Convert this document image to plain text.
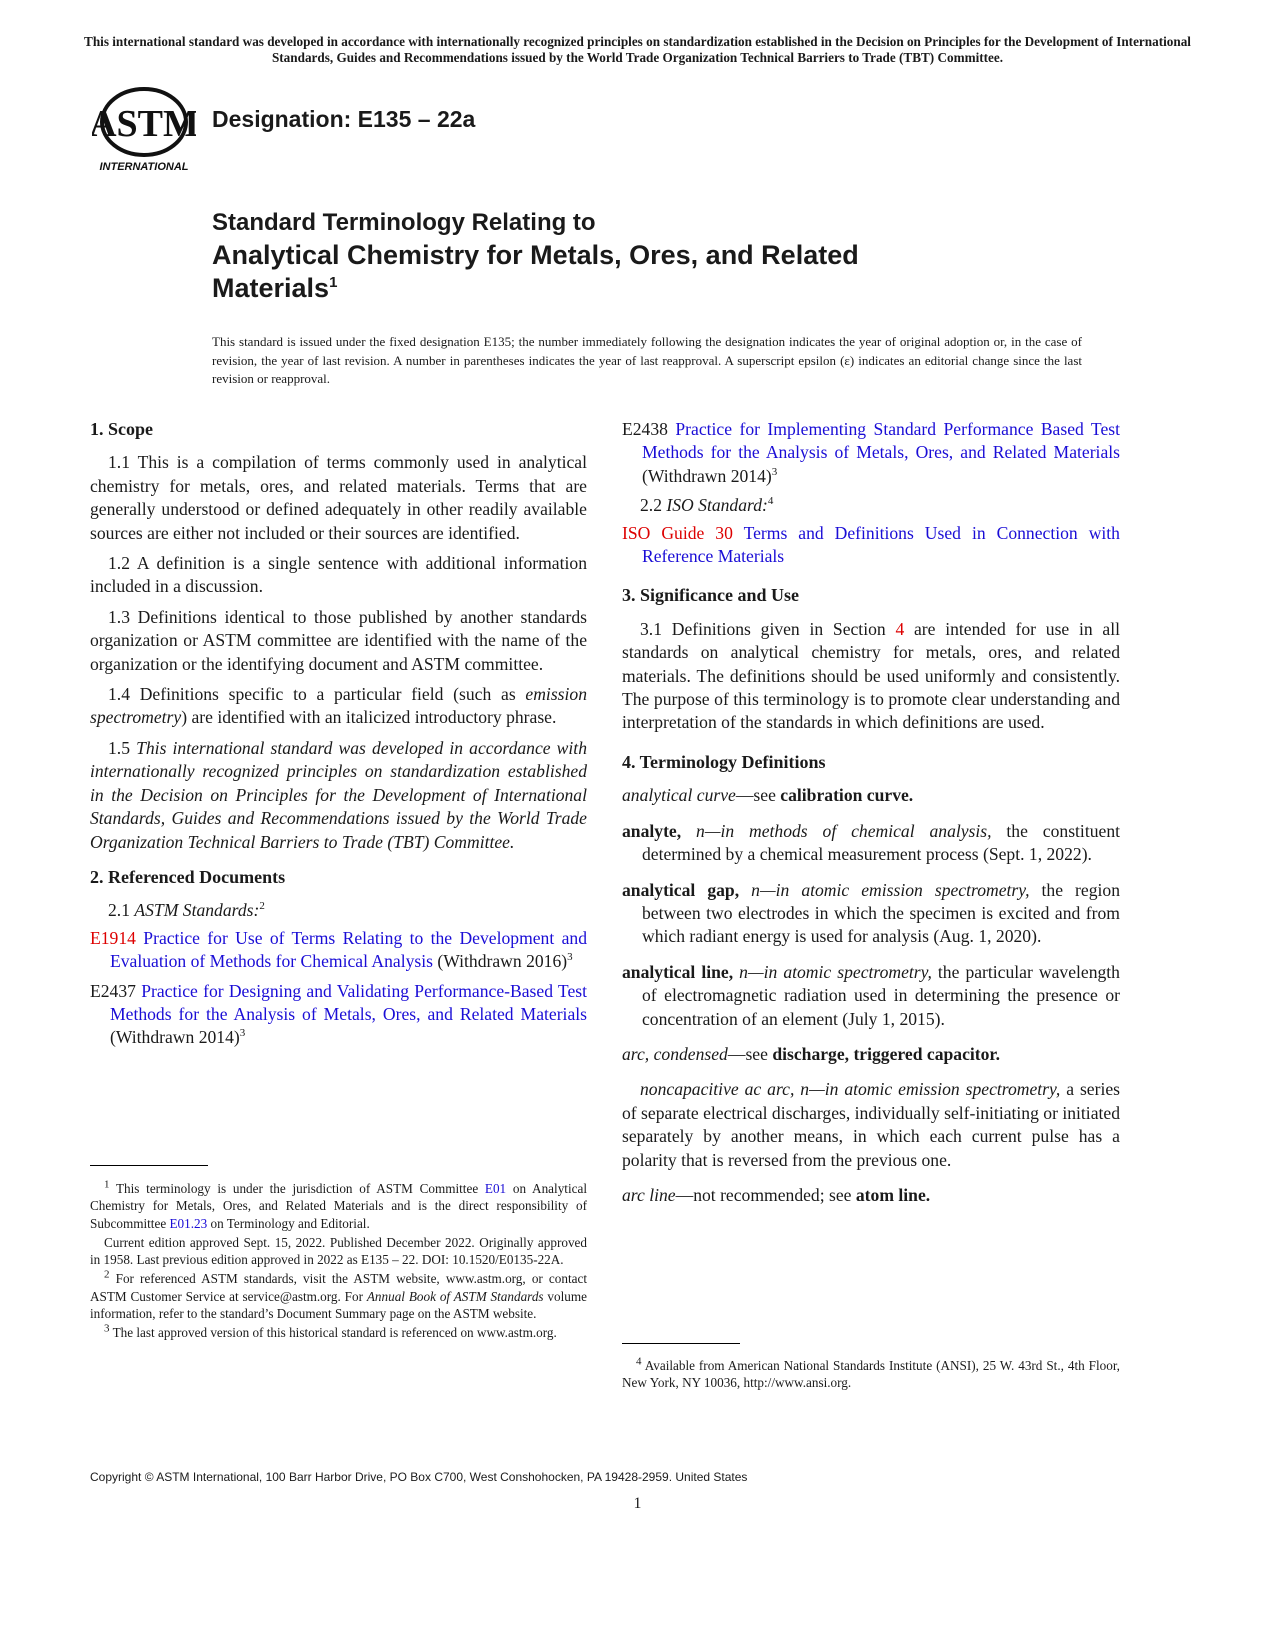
This international standard was developed in accordance with internationally recognized principles on standardization established in the Decision on Principles for the Development of International Standards, Guides and Recommendations issued by the World Trade Organization Technical Barriers to Trade (TBT) Committee.
ASTM
INTERNATIONAL
Designation: E135 – 22a
Standard Terminology Relating to
Analytical Chemistry for Metals, Ores, and Related Materials$^1$
This standard is issued under the fixed designation E135; the number immediately following the designation indicates the year of original adoption or, in the case of revision, the year of last revision. A number in parentheses indicates the year of last reapproval. A superscript epsilon (ε) indicates an editorial change since the last revision or reapproval.
1. Scope

1.1 This is a compilation of terms commonly used in analytical chemistry for metals, ores, and related materials. Terms that are generally understood or defined adequately in other readily available sources are either not included or their sources are identified.

1.2 A definition is a single sentence with additional information included in a discussion.

1.3 Definitions identical to those published by another standards organization or ASTM committee are identified with the name of the organization or the identifying document and ASTM committee.

1.4 Definitions specific to a particular field (such as emission spectrometry) are identified with an italicized introductory phrase.

1.5 This international standard was developed in accordance with internationally recognized principles on standardization established in the Decision on Principles for the Development of International Standards, Guides and Recommendations issued by the World Trade Organization Technical Barriers to Trade (TBT) Committee.

2. Referenced Documents
2.1 ASTM Standards:$^2$
E1914 Practice for Use of Terms Relating to the Development and Evaluation of Methods for Chemical Analysis (Withdrawn 2016)$^3$
E2437 Practice for Designing and Validating Performance-Based Test Methods for the Analysis of Metals, Ores, and Related Materials (Withdrawn 2014)$^3$

$^1$ This terminology is under the jurisdiction of ASTM Committee E01 on Analytical Chemistry for Metals, Ores, and Related Materials and is the direct responsibility of Subcommittee E01.23 on Terminology and Editorial.

Current edition approved Sept. 15, 2022. Published December 2022. Originally approved in 1958. Last previous edition approved in 2022 as E135 – 22. DOI: 10.1520/E0135-22A.

$^2$ For referenced ASTM standards, visit the ASTM website, www.astm.org, or contact ASTM Customer Service at service@astm.org. For Annual Book of ASTM Standards volume information, refer to the standard’s Document Summary page on the ASTM website.

$^3$ The last approved version of this historical standard is referenced on www.astm.org.

E2438 Practice for Implementing Standard Performance Based Test Methods for the Analysis of Metals, Ores, and Related Materials (Withdrawn 2014)$^3$
2.2 ISO Standard:$^4$
ISO Guide 30 Terms and Definitions Used in Connection with Reference Materials
3. Significance and Use

3.1 Definitions given in Section 4 are intended for use in all standards on analytical chemistry for metals, ores, and related materials. The definitions should be used uniformly and consistently. The purpose of this terminology is to promote clear understanding and interpretation of the standards in which definitions are used.

4. Terminology Definitions
analytical curve—see calibration curve.
analyte, n—in methods of chemical analysis, the constituent determined by a chemical measurement process (Sept. 1, 2022).
analytical gap, n—in atomic emission spectrometry, the region between two electrodes in which the specimen is excited and from which radiant energy is used for analysis (Aug. 1, 2020).
analytical line, n—in atomic spectrometry, the particular wavelength of electromagnetic radiation used in determining the presence or concentration of an element (July 1, 2015).
arc, condensed—see discharge, triggered capacitor.

noncapacitive ac arc, n—in atomic emission spectrometry, a series of separate electrical discharges, individually self-initiating or initiated separately by another means, in which each current pulse has a polarity that is reversed from the previous one.

arc line—not recommended; see atom line.

$^4$ Available from American National Standards Institute (ANSI), 25 W. 43rd St., 4th Floor, New York, NY 10036, http://www.ansi.org.

Copyright © ASTM International, 100 Barr Harbor Drive, PO Box C700, West Conshohocken, PA 19428-2959. United States
1
